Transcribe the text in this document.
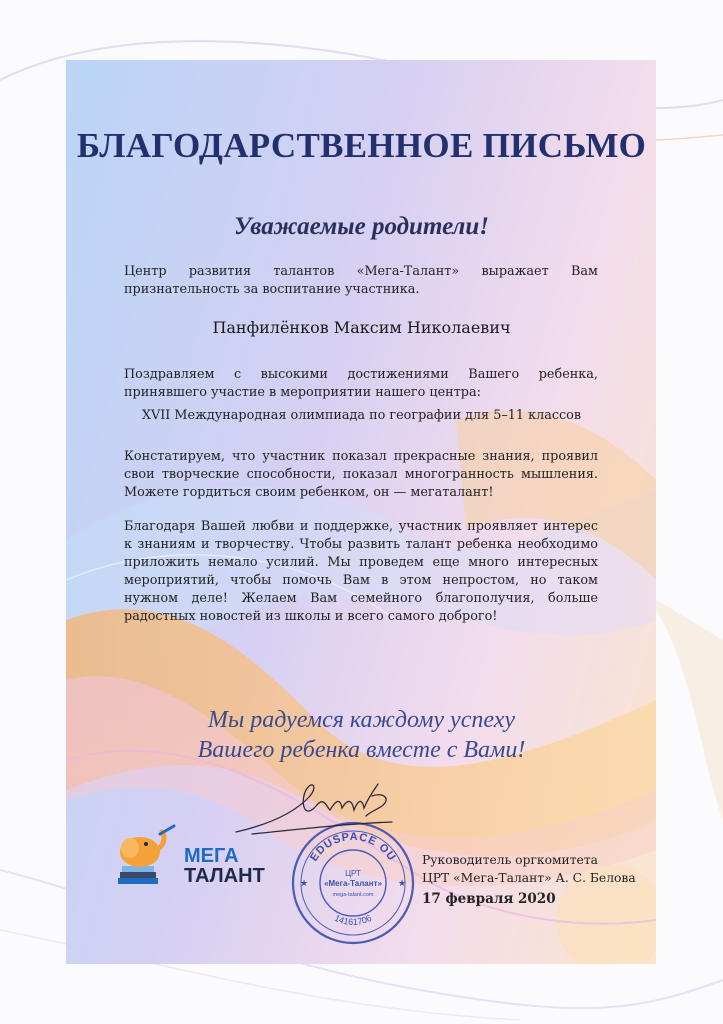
БЛАГОДАРСТВЕННОЕ ПИСЬМО
Уважаемые родители!
Центр развития талантов «Мега-Талант» выражает Вам
признательность за воспитание участника.
Панфилёнков Максим Николаевич
Поздравляем с высокими достижениями Вашего ребенка, принявшего участие в мероприятии нашего центра:
XVII Международная олимпиада по географии для 5–11 классов
Констатируем, что участник показал прекрасные знания, проявил свои творческие способности, показал многогранность мышления. Можете гордиться своим ребенком, он — мегаталант!
Благодаря Вашей любви и поддержке, участник проявляет интерес к знаниям и творчеству. Чтобы развить талант ребенка необходимо приложить немало усилий. Мы проведем еще много интересных мероприятий, чтобы помочь Вам в этом непростом, но таком нужном деле! Желаем Вам семейного благополучия, больше радостных новостей из школы и всего самого доброго!
Мы радуемся каждому успеху
Вашего ребенка вместе с Вами!
МЕГА
ТАЛАНТ
EDUSPACE OÜ
★	★
ЦРТ
«Мега-Талант»
mega-talant.com
14161706
Руководитель оргкомитета
ЦРТ «Мега-Талант» А. С. Белова
17 февраля 2020
